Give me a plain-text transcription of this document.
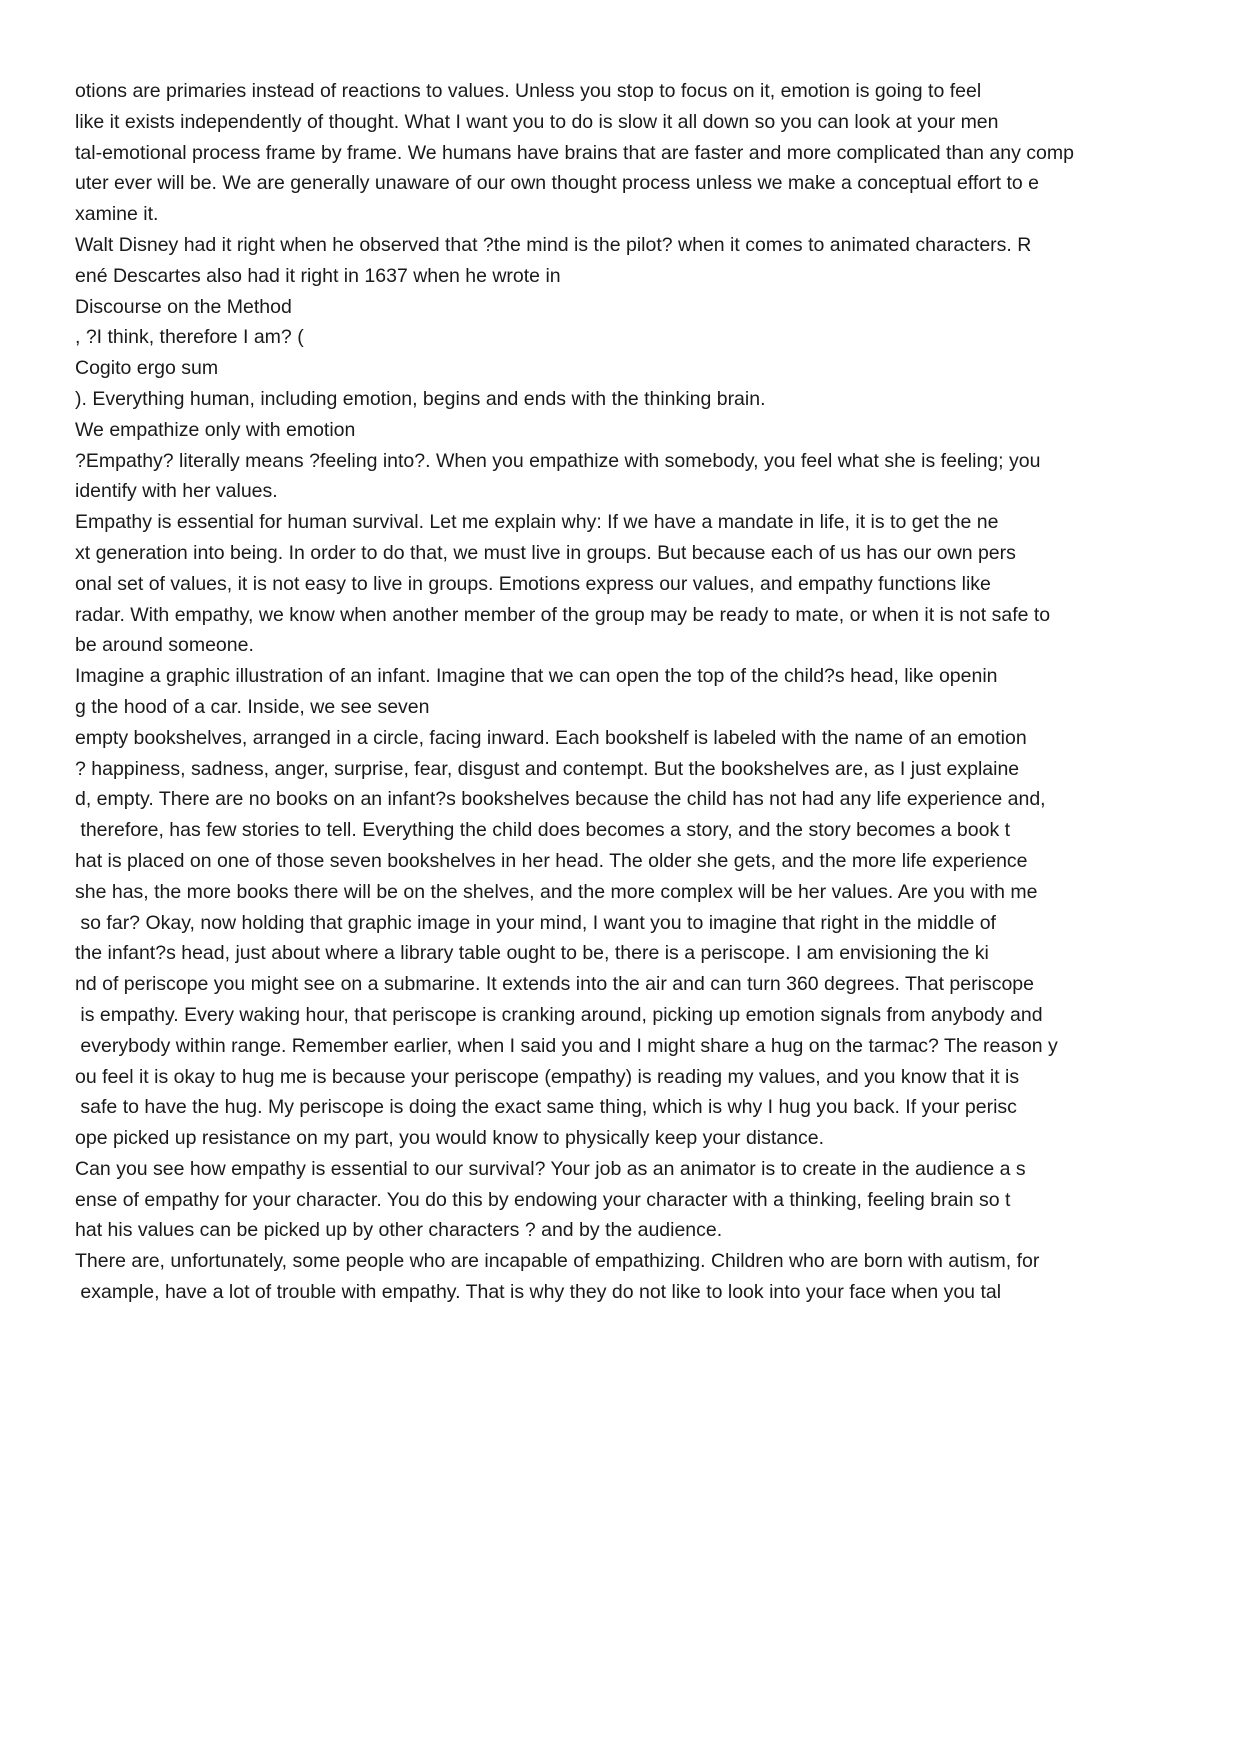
otions are primaries instead of reactions to values. Unless you stop to focus on it, emotion is going to feel
like it exists independently of thought. What I want you to do is slow it all down so you can look at your men
tal-emotional process frame by frame. We humans have brains that are faster and more complicated than any comp
uter ever will be. We are generally unaware of our own thought process unless we make a conceptual effort to e
xamine it.
Walt Disney had it right when he observed that ?the mind is the pilot? when it comes to animated characters. R
ené Descartes also had it right in 1637 when he wrote in
Discourse on the Method
, ?I think, therefore I am? (
Cogito ergo sum
). Everything human, including emotion, begins and ends with the thinking brain.
We empathize only with emotion
?Empathy? literally means ?feeling into?. When you empathize with somebody, you feel what she is feeling; you
identify with her values.
Empathy is essential for human survival. Let me explain why: If we have a mandate in life, it is to get the ne
xt generation into being. In order to do that, we must live in groups. But because each of us has our own pers
onal set of values, it is not easy to live in groups. Emotions express our values, and empathy functions like
radar. With empathy, we know when another member of the group may be ready to mate, or when it is not safe to
be around someone.
Imagine a graphic illustration of an infant. Imagine that we can open the top of the child?s head, like openin
g the hood of a car. Inside, we see seven
empty bookshelves, arranged in a circle, facing inward. Each bookshelf is labeled with the name of an emotion
? happiness, sadness, anger, surprise, fear, disgust and contempt. But the bookshelves are, as I just explaine
d, empty. There are no books on an infant?s bookshelves because the child has not had any life experience and,
therefore, has few stories to tell. Everything the child does becomes a story, and the story becomes a book t
hat is placed on one of those seven bookshelves in her head. The older she gets, and the more life experience
she has, the more books there will be on the shelves, and the more complex will be her values. Are you with me
so far? Okay, now holding that graphic image in your mind, I want you to imagine that right in the middle of
the infant?s head, just about where a library table ought to be, there is a periscope. I am envisioning the ki
nd of periscope you might see on a submarine. It extends into the air and can turn 360 degrees. That periscope
is empathy. Every waking hour, that periscope is cranking around, picking up emotion signals from anybody and
everybody within range. Remember earlier, when I said you and I might share a hug on the tarmac? The reason y
ou feel it is okay to hug me is because your periscope (empathy) is reading my values, and you know that it is
safe to have the hug. My periscope is doing the exact same thing, which is why I hug you back. If your perisc
ope picked up resistance on my part, you would know to physically keep your distance.
Can you see how empathy is essential to our survival? Your job as an animator is to create in the audience a s
ense of empathy for your character. You do this by endowing your character with a thinking, feeling brain so t
hat his values can be picked up by other characters ? and by the audience.
There are, unfortunately, some people who are incapable of empathizing. Children who are born with autism, for
example, have a lot of trouble with empathy. That is why they do not like to look into your face when you tal
